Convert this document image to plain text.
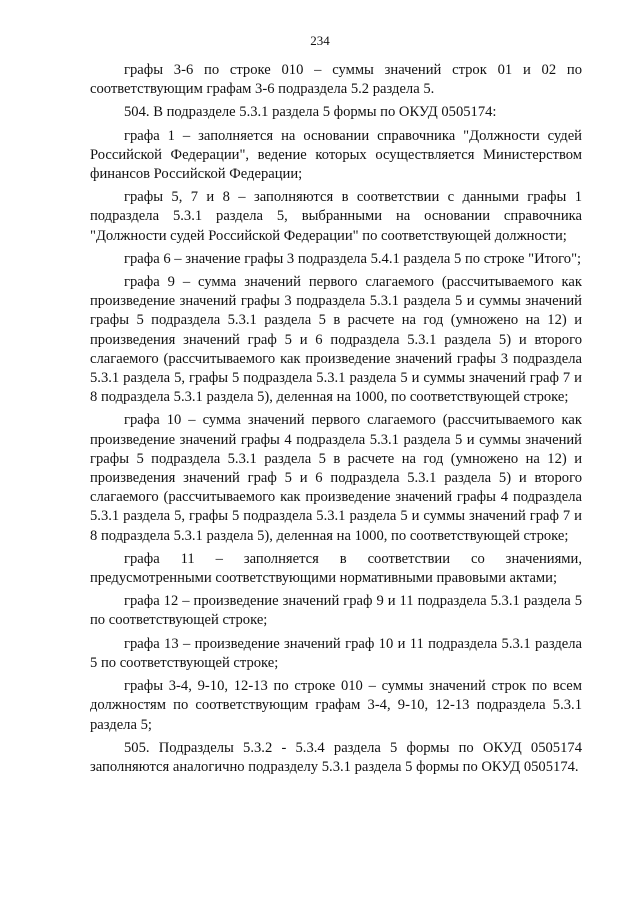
234

графы 3-6 по строке 010 – суммы значений строк 01 и 02 по соответствующим графам 3-6 подраздела 5.2 раздела 5.

504. В подразделе 5.3.1 раздела 5 формы по ОКУД 0505174:

графа 1 – заполняется на основании справочника "Должности судей Российской Федерации", ведение которых осуществляется Министерством финансов Российской Федерации;

графы 5, 7 и 8 – заполняются в соответствии с данными графы 1 подраздела 5.3.1 раздела 5, выбранными на основании справочника "Должности судей Российской Федерации" по соответствующей должности;

графа 6 – значение графы 3 подраздела 5.4.1 раздела 5 по строке "Итого";

графа 9 – сумма значений первого слагаемого (рассчитываемого как произведение значений графы 3 подраздела 5.3.1 раздела 5 и суммы значений графы 5 подраздела 5.3.1 раздела 5 в расчете на год (умножено на 12) и произведения значений граф 5 и 6 подраздела 5.3.1 раздела 5) и второго слагаемого (рассчитываемого как произведение значений графы 3 подраздела 5.3.1 раздела 5, графы 5 подраздела 5.3.1 раздела 5 и суммы значений граф 7 и 8 подраздела 5.3.1 раздела 5), деленная на 1000, по соответствующей строке;

графа 10 – сумма значений первого слагаемого (рассчитываемого как произведение значений графы 4 подраздела 5.3.1 раздела 5 и суммы значений графы 5 подраздела 5.3.1 раздела 5 в расчете на год (умножено на 12) и произведения значений граф 5 и 6 подраздела 5.3.1 раздела 5) и второго слагаемого (рассчитываемого как произведение значений графы 4 подраздела 5.3.1 раздела 5, графы 5 подраздела 5.3.1 раздела 5 и суммы значений граф 7 и 8 подраздела 5.3.1 раздела 5), деленная на 1000, по соответствующей строке;

графа 11 – заполняется в соответствии со значениями, предусмотренными соответствующими нормативными правовыми актами;

графа 12 – произведение значений граф 9 и 11 подраздела 5.3.1 раздела 5 по соответствующей строке;

графа 13 – произведение значений граф 10 и 11 подраздела 5.3.1 раздела 5 по соответствующей строке;

графы 3-4, 9-10, 12-13 по строке 010 – суммы значений строк по всем должностям по соответствующим графам 3-4, 9-10, 12-13 подраздела 5.3.1 раздела 5;

505. Подразделы 5.3.2 - 5.3.4 раздела 5 формы по ОКУД 0505174 заполняются аналогично подразделу 5.3.1 раздела 5 формы по ОКУД 0505174.
